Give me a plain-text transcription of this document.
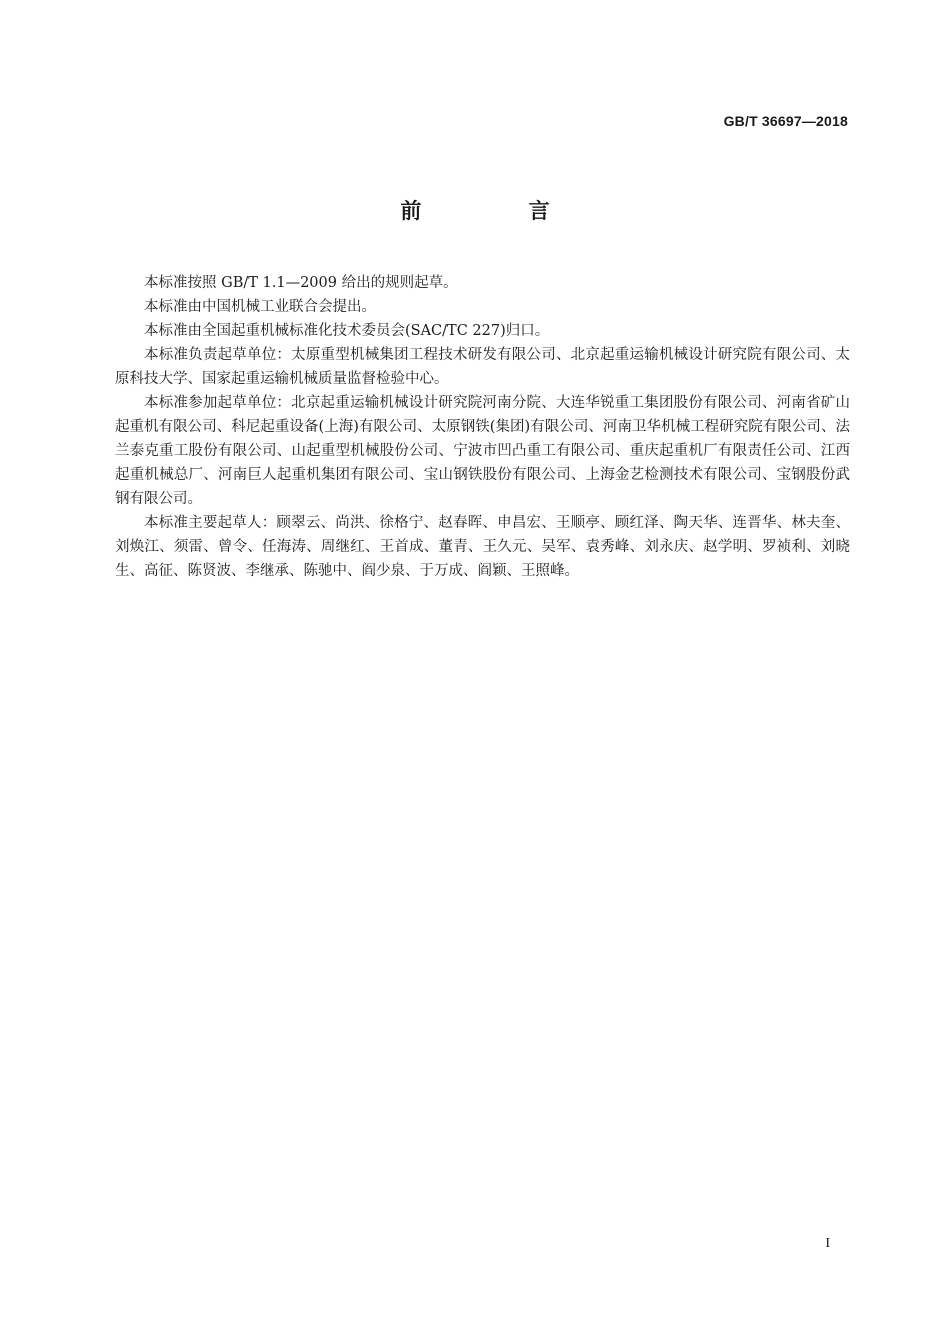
GB/T 36697—2018
前 言

本标准按照 GB/T 1.1—2009 给出的规则起草。

本标准由中国机械工业联合会提出。

本标准由全国起重机械标准化技术委员会(SAC/TC 227)归口。

本标准负责起草单位：太原重型机械集团工程技术研发有限公司、北京起重运输机械设计研究院有限公司、太原科技大学、国家起重运输机械质量监督检验中心。

本标准参加起草单位：北京起重运输机械设计研究院河南分院、大连华锐重工集团股份有限公司、河南省矿山起重机有限公司、科尼起重设备(上海)有限公司、太原钢铁(集团)有限公司、河南卫华机械工程研究院有限公司、法兰泰克重工股份有限公司、山起重型机械股份公司、宁波市凹凸重工有限公司、重庆起重机厂有限责任公司、江西起重机械总厂、河南巨人起重机集团有限公司、宝山钢铁股份有限公司、上海金艺检测技术有限公司、宝钢股份武钢有限公司。

本标准主要起草人：顾翠云、尚洪、徐格宁、赵春晖、申昌宏、王顺亭、顾红泽、陶天华、连晋华、林夫奎、刘焕江、须雷、曾令、任海涛、周继红、王首成、董青、王久元、吴军、袁秀峰、刘永庆、赵学明、罗祯利、刘晓生、高征、陈贤波、李继承、陈驰中、阎少泉、于万成、阎颖、王照峰。

I
